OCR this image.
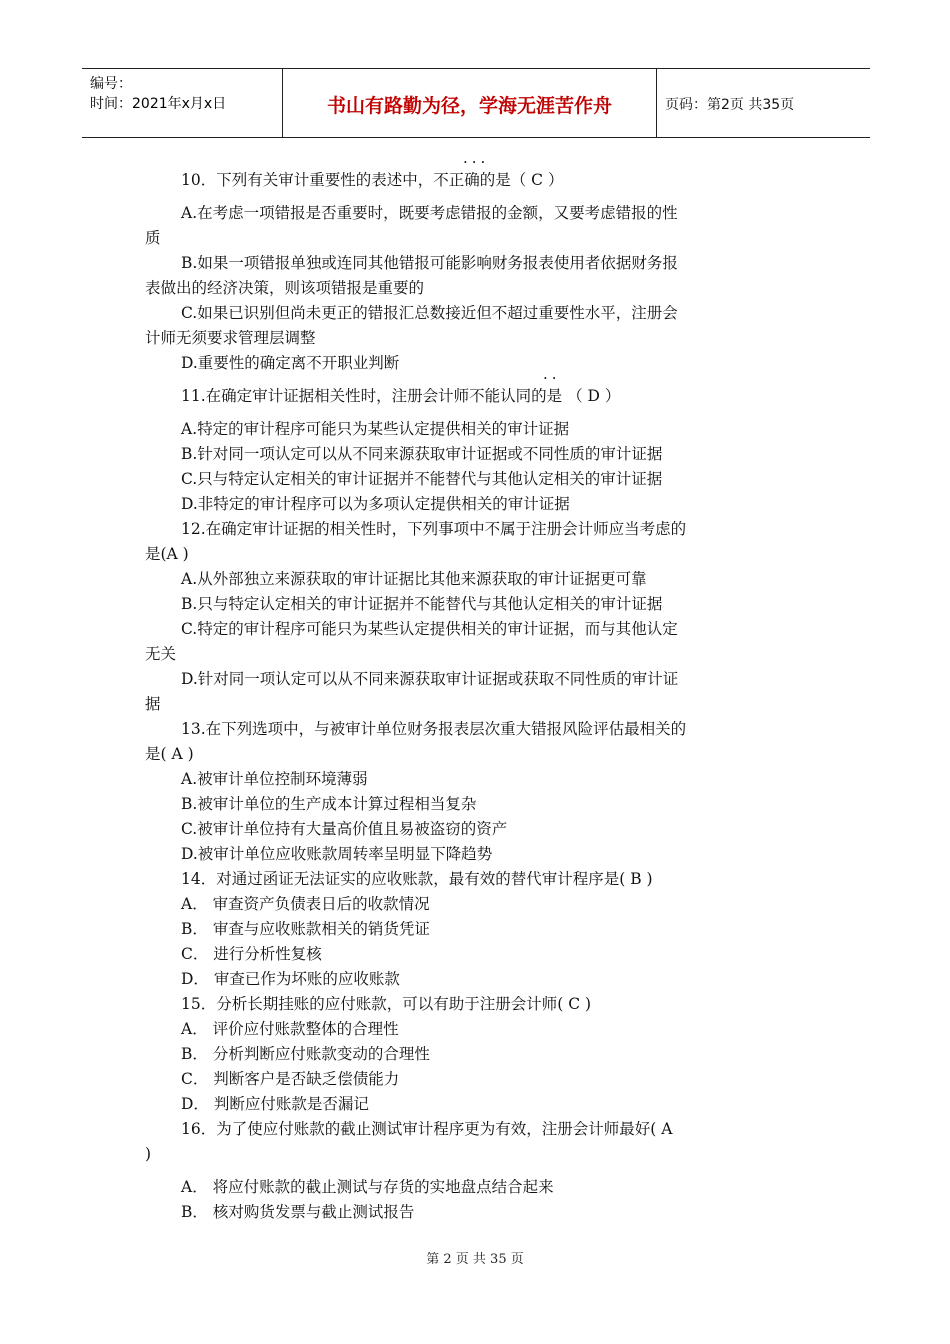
编号：
时间：2021年x月x日	书山有路勤为径，学海无涯苦作舟	页码：第2页 共35页
···
10．下列有关审计重要性的表述中，不正确的是（ C ）
A.在考虑一项错报是否重要时，既要考虑错报的金额，又要考虑错报的性
质
B.如果一项错报单独或连同其他错报可能影响财务报表使用者依据财务报
表做出的经济决策，则该项错报是重要的
C.如果已识别但尚未更正的错报汇总数接近但不超过重要性水平，注册会
计师无须要求管理层调整
D.重要性的确定离不开职业判断
··
11.在确定审计证据相关性时，注册会计师不能认同的是 （ D ）
A.特定的审计程序可能只为某些认定提供相关的审计证据
B.针对同一项认定可以从不同来源获取审计证据或不同性质的审计证据
C.只与特定认定相关的审计证据并不能替代与其他认定相关的审计证据
D.非特定的审计程序可以为多项认定提供相关的审计证据
12.在确定审计证据的相关性时，下列事项中不属于注册会计师应当考虑的
是(A )
A.从外部独立来源获取的审计证据比其他来源获取的审计证据更可靠
B.只与特定认定相关的审计证据并不能替代与其他认定相关的审计证据
C.特定的审计程序可能只为某些认定提供相关的审计证据，而与其他认定
无关
D.针对同一项认定可以从不同来源获取审计证据或获取不同性质的审计证
据
13.在下列选项中，与被审计单位财务报表层次重大错报风险评估最相关的
是( A )
A.被审计单位控制环境薄弱
B.被审计单位的生产成本计算过程相当复杂
C.被审计单位持有大量高价值且易被盗窃的资产
D.被审计单位应收账款周转率呈明显下降趋势
14．对通过函证无法证实的应收账款，最有效的替代审计程序是( B )
A． 审查资产负债表日后的收款情况
B． 审查与应收账款相关的销货凭证
C． 进行分析性复核
D． 审查已作为坏账的应收账款
15．分析长期挂账的应付账款，可以有助于注册会计师( C )
A． 评价应付账款整体的合理性
B． 分析判断应付账款变动的合理性
C． 判断客户是否缺乏偿债能力
D． 判断应付账款是否漏记
16．为了使应付账款的截止测试审计程序更为有效，注册会计师最好( A
)
A． 将应付账款的截止测试与存货的实地盘点结合起来
B． 核对购货发票与截止测试报告
第 2 页 共 35 页
